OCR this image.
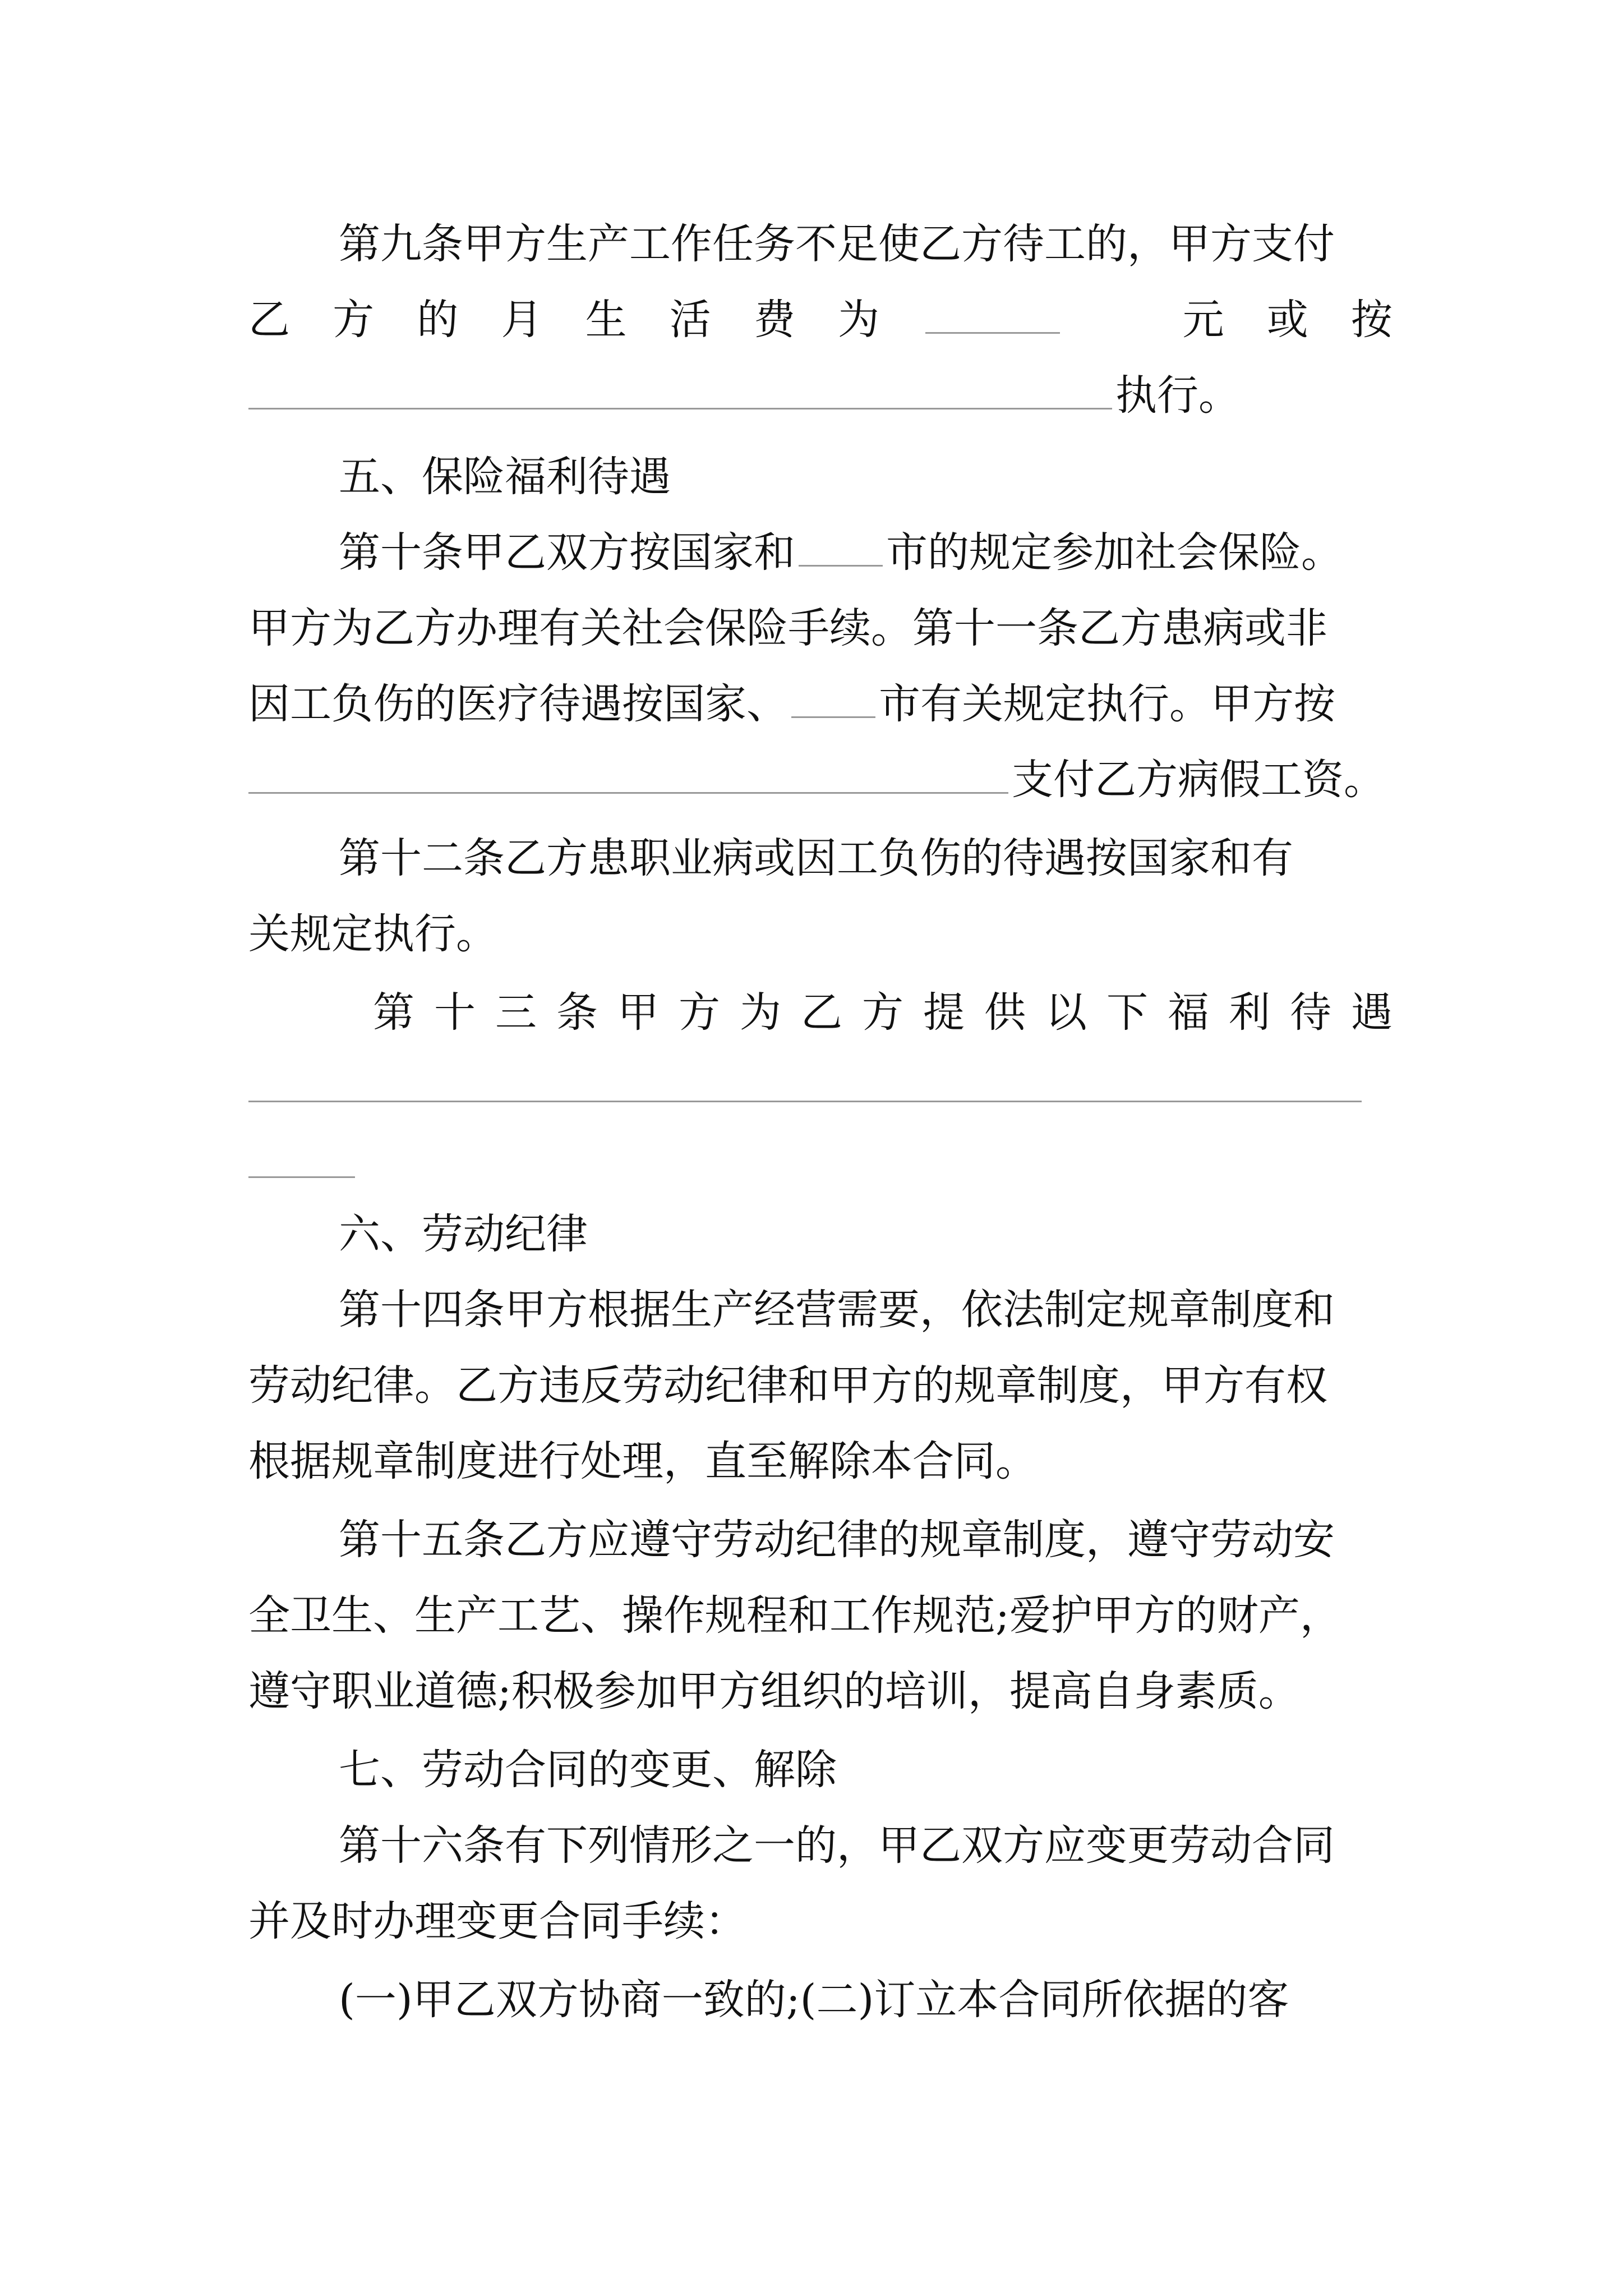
第九条甲方生产工作任务不足使乙方待工的，甲方支付
乙 方 的 月 生 活 费 为	元 或 按
执行。
五、保险福利待遇
第十条甲乙双方按国家和 市的规定参加社会保险。
甲方为乙方办理有关社会保险手续。第十一条乙方患病或非
因工负伤的医疗待遇按国家、 市有关规定执行。甲方按
支付乙方病假工资。
第十二条乙方患职业病或因工负伤的待遇按国家和有
关规定执行。
第 十 三 条 甲 方 为 乙 方 提 供 以 下 福 利 待 遇
六、劳动纪律
第十四条甲方根据生产经营需要，依法制定规章制度和
劳动纪律。乙方违反劳动纪律和甲方的规章制度，甲方有权
根据规章制度进行处理，直至解除本合同。
第十五条乙方应遵守劳动纪律的规章制度，遵守劳动安
全卫生、生产工艺、操作规程和工作规范;爱护甲方的财产，
遵守职业道德;积极参加甲方组织的培训，提高自身素质。
七、劳动合同的变更、解除
第十六条有下列情形之一的，甲乙双方应变更劳动合同
并及时办理变更合同手续：
(一)甲乙双方协商一致的;(二)订立本合同所依据的客
